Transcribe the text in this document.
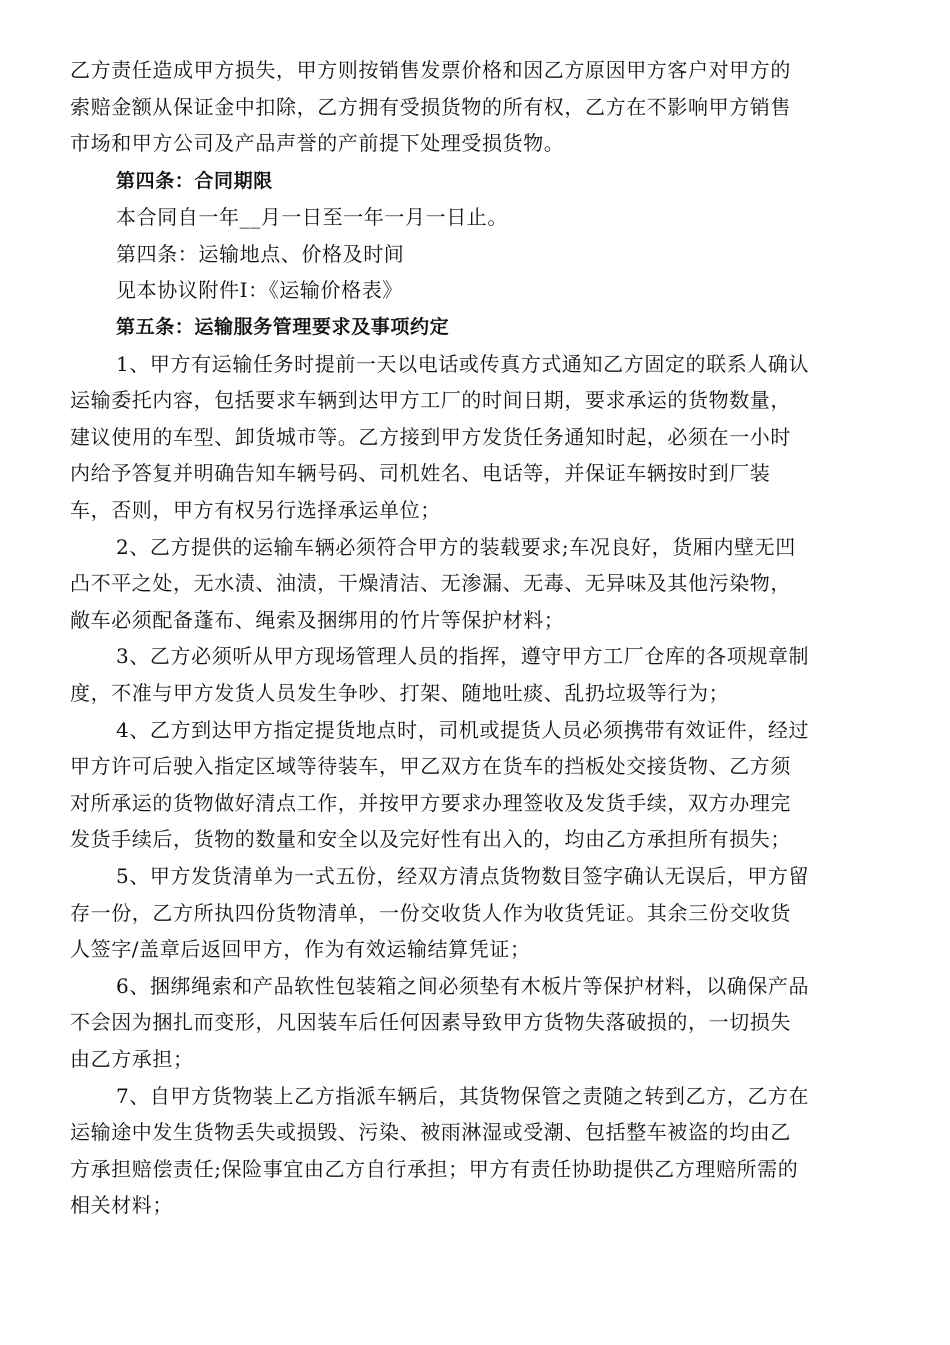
乙方责任造成甲方损失，甲方则按销售发票价格和因乙方原因甲方客户对甲方的
索赔金额从保证金中扣除，乙方拥有受损货物的所有权，乙方在不影响甲方销售
市场和甲方公司及产品声誉的产前提下处理受损货物。
第四条：合同期限
本合同自一年__月一日至一年一月一日止。
第四条：运输地点、价格及时间
见本协议附件I：《运输价格表》
第五条：运输服务管理要求及事项约定
1、甲方有运输任务时提前一天以电话或传真方式通知乙方固定的联系人确认
运输委托内容，包括要求车辆到达甲方工厂的时间日期，要求承运的货物数量，
建议使用的车型、卸货城市等。乙方接到甲方发货任务通知时起，必须在一小时
内给予答复并明确告知车辆号码、司机姓名、电话等，并保证车辆按时到厂装
车，否则，甲方有权另行选择承运单位；
2、乙方提供的运输车辆必须符合甲方的装载要求;车况良好，货厢内壁无凹
凸不平之处，无水渍、油渍，干燥清洁、无渗漏、无毒、无异味及其他污染物，
敞车必须配备蓬布、绳索及捆绑用的竹片等保护材料；
3、乙方必须听从甲方现场管理人员的指挥，遵守甲方工厂仓库的各项规章制
度，不准与甲方发货人员发生争吵、打架、随地吐痰、乱扔垃圾等行为；
4、乙方到达甲方指定提货地点时，司机或提货人员必须携带有效证件，经过
甲方许可后驶入指定区域等待装车，甲乙双方在货车的挡板处交接货物、乙方须
对所承运的货物做好清点工作，并按甲方要求办理签收及发货手续，双方办理完
发货手续后，货物的数量和安全以及完好性有出入的，均由乙方承担所有损失；
5、甲方发货清单为一式五份，经双方清点货物数目签字确认无误后，甲方留
存一份，乙方所执四份货物清单，一份交收货人作为收货凭证。其余三份交收货
人签字/盖章后返回甲方，作为有效运输结算凭证；
6、捆绑绳索和产品软性包装箱之间必须垫有木板片等保护材料，以确保产品
不会因为捆扎而变形，凡因装车后任何因素导致甲方货物失落破损的，一切损失
由乙方承担；
7、自甲方货物装上乙方指派车辆后，其货物保管之责随之转到乙方，乙方在
运输途中发生货物丢失或损毁、污染、被雨淋湿或受潮、包括整车被盗的均由乙
方承担赔偿责任;保险事宜由乙方自行承担；甲方有责任协助提供乙方理赔所需的
相关材料；
